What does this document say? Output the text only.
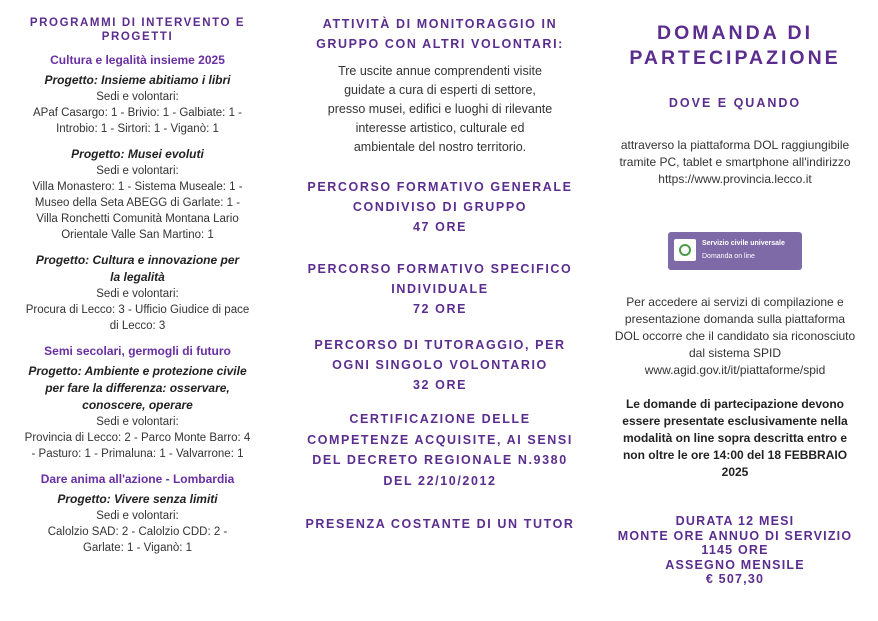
PROGRAMMI DI INTERVENTO E PROGETTI
Cultura e legalità insieme 2025
Progetto: Insieme abitiamo i libri
Sedi e volontari:
APaf Casargo: 1 - Brivio: 1 - Galbiate: 1 -
Introbio: 1 - Sirtori: 1 - Viganò: 1
Progetto: Musei evoluti
Sedi e volontari:
Villa Monastero: 1 - Sistema Museale: 1 -
Museo della Seta ABEGG di Garlate: 1 -
Villa Ronchetti Comunità Montana Lario
Orientale Valle San Martino: 1
Progetto: Cultura e innovazione per la legalità
Sedi e volontari:
Procura di Lecco: 3 - Ufficio Giudice di pace
di Lecco: 3
Semi secolari, germogli di futuro
Progetto: Ambiente e protezione civile per fare la differenza: osservare, conoscere, operare
Sedi e volontari:
Provincia di Lecco: 2 - Parco Monte Barro: 4
- Pasturo: 1 - Primaluna: 1 - Valvarrone: 1
Dare anima all'azione - Lombardia
Progetto: Vivere senza limiti
Sedi e volontari:
Calolzio SAD: 2 - Calolzio CDD: 2 -
Garlate: 1 - Viganò: 1
ATTIVITÀ DI MONITORAGGIO IN GRUPPO CON ALTRI VOLONTARI:
Tre uscite annue comprendenti visite guidate a cura di esperti di settore, presso musei, edifici e luoghi di rilevante interesse artistico, culturale ed ambientale del nostro territorio.
PERCORSO FORMATIVO GENERALE CONDIVISO DI GRUPPO
47 ORE
PERCORSO FORMATIVO SPECIFICO INDIVIDUALE
72 ORE
PERCORSO DI TUTORAGGIO, PER OGNI SINGOLO VOLONTARIO
32 ORE
CERTIFICAZIONE DELLE COMPETENZE ACQUISITE, AI SENSI DEL DECRETO REGIONALE N.9380 DEL 22/10/2012
PRESENZA COSTANTE DI UN TUTOR
DOMANDA DI PARTECIPAZIONE
DOVE E QUANDO
attraverso la piattaforma DOL raggiungibile tramite PC, tablet e smartphone all'indirizzo https://www.provincia.lecco.it
Servizio civile universale
Domanda on line
Per accedere ai servizi di compilazione e presentazione domanda sulla piattaforma DOL occorre che il candidato sia riconosciuto dal sistema SPID www.agid.gov.it/it/piattaforme/spid
Le domande di partecipazione devono essere presentate esclusivamente nella modalità on line sopra descritta entro e non oltre le ore 14:00 del 18 FEBBRAIO 2025
DURATA 12 MESI
MONTE ORE ANNUO DI SERVIZIO
1145 ORE
ASSEGNO MENSILE
€ 507,30
